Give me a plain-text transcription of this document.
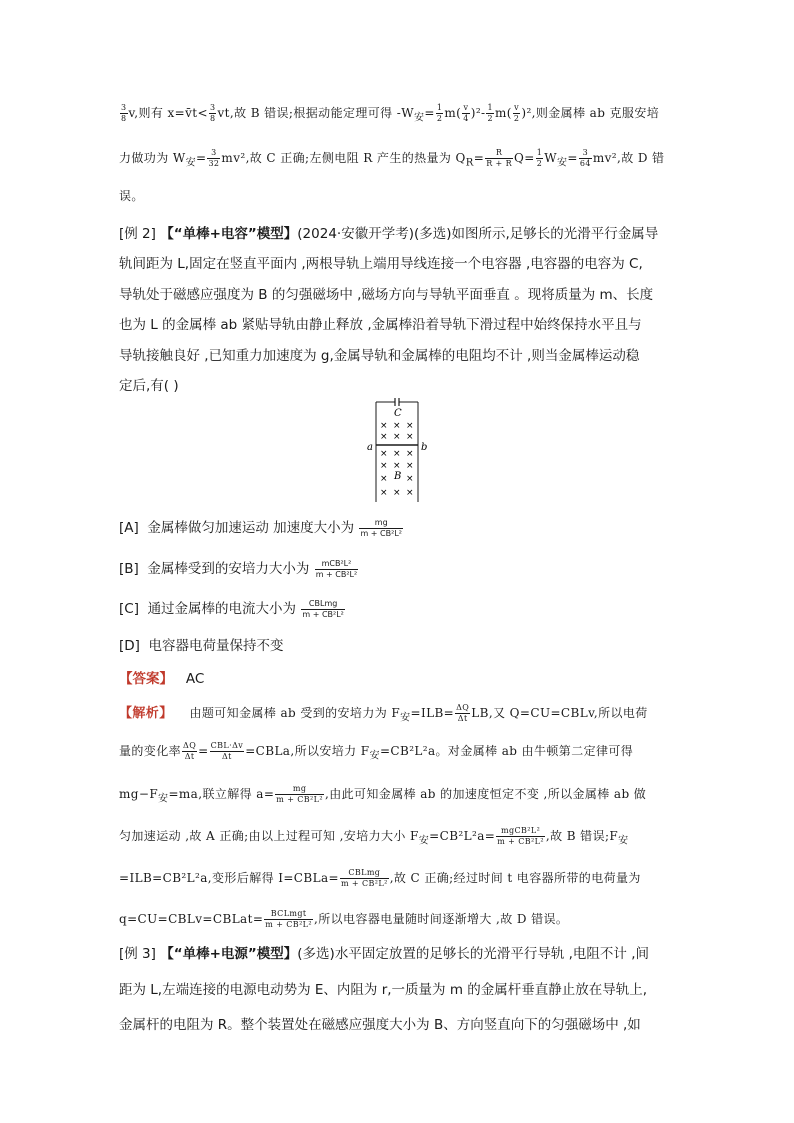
$\frac{3}{8} v$,则有 x=v̄t< $\frac{3}{8}$ vt,故 B 错误;根据动能定理可得 $-W_安= \frac{1}{2} m( \frac{v}{4} )^2- \frac{1}{2} m( \frac{v}{2} )^2$,则金属棒 ab 克服安培
力做功为 $W_安= \frac{3}{32} mv^2$,故 C 正确;左侧电阻 R 产生的热量为 $Q_R= \frac{R}{R + R} Q= \frac{1}{2} W_安= \frac{3}{64} mv^2$,故 D 错
误。
[例 2] 【“单棒+电容”模型】(2024·安徽开学考)(多选)如图所示,足够长的光滑平行金属导
轨间距为 L,固定在竖直平面内 ,两根导轨上端用导线连接一个电容器 ,电容器的电容为 C,
导轨处于磁感应强度为 B 的匀强磁场中 ,磁场方向与导轨平面垂直 。现将质量为 m、长度
也为 L 的金属棒 ab 紧贴导轨由静止释放 ,金属棒沿着导轨下滑过程中始终保持水平且与
导轨接触良好 ,已知重力加速度为 g,金属导轨和金属棒的电阻均不计 ,则当金属棒运动稳
定后,有( )
C
a	b
B
× × ×
× × ×
× × ×
× × ×
× ×
× × ×
[A] 金属棒做匀加速运动 加速度大小为 $\frac{mg}{\text{m + CB²L²}}$
[B] 金属棒受到的安培力大小为 $\frac{\text{mCB²L²}}{\text{m + CB²L²}}$
[C] 通过金属棒的电流大小为 $\frac{\text{CBLmg}}{\text{m + CB²L²}}$
[D] 电容器电荷量保持不变
【答案】 AC
【解析】 由题可知金属棒 ab 受到的安培力为 $F_安=ILB= \frac{\Delta Q}{\Delta t}$ LB,又 Q=CU=CBLv,所以电荷
量的变化率 $\frac{\Delta Q}{\Delta t} = \frac{\text{CBL·Δv}}{\Delta t}$ =CBLa,所以安培力 $F_安=CB^2L^2a$。对金属棒 ab 由牛顿第二定律可得
$mg-F_安=ma$,联立解得 $a= \frac{mg}{\text{m + CB²L²}}$ ,由此可知金属棒 ab 的加速度恒定不变 ,所以金属棒 ab 做
匀加速运动 ,故 A 正确;由以上过程可知 ,安培力大小 $F_安=CB^2L^2a= \frac{\text{mgCB²L²}}{\text{m + CB²L²}}$ ,故 B 错误$;F_安$
=ILB=CB²L²a,变形后解得 I=CBLa= $\frac{\text{CBLmg}}{\text{m + CB²L²}}$ ,故 C 正确;经过时间 t 电容器所带的电荷量为
q=CU=CBLv=CBLat= $\frac{\text{BCLmgt}}{\text{m + CB²L²}}$ ,所以电容器电量随时间逐渐增大 ,故 D 错误。
[例 3] 【“单棒+电源”模型】(多选)水平固定放置的足够长的光滑平行导轨 ,电阻不计 ,间
距为 L,左端连接的电源电动势为 E、内阻为 r,一质量为 m 的金属杆垂直静止放在导轨上,
金属杆的电阻为 R。整个装置处在磁感应强度大小为 B、方向竖直向下的匀强磁场中 ,如
